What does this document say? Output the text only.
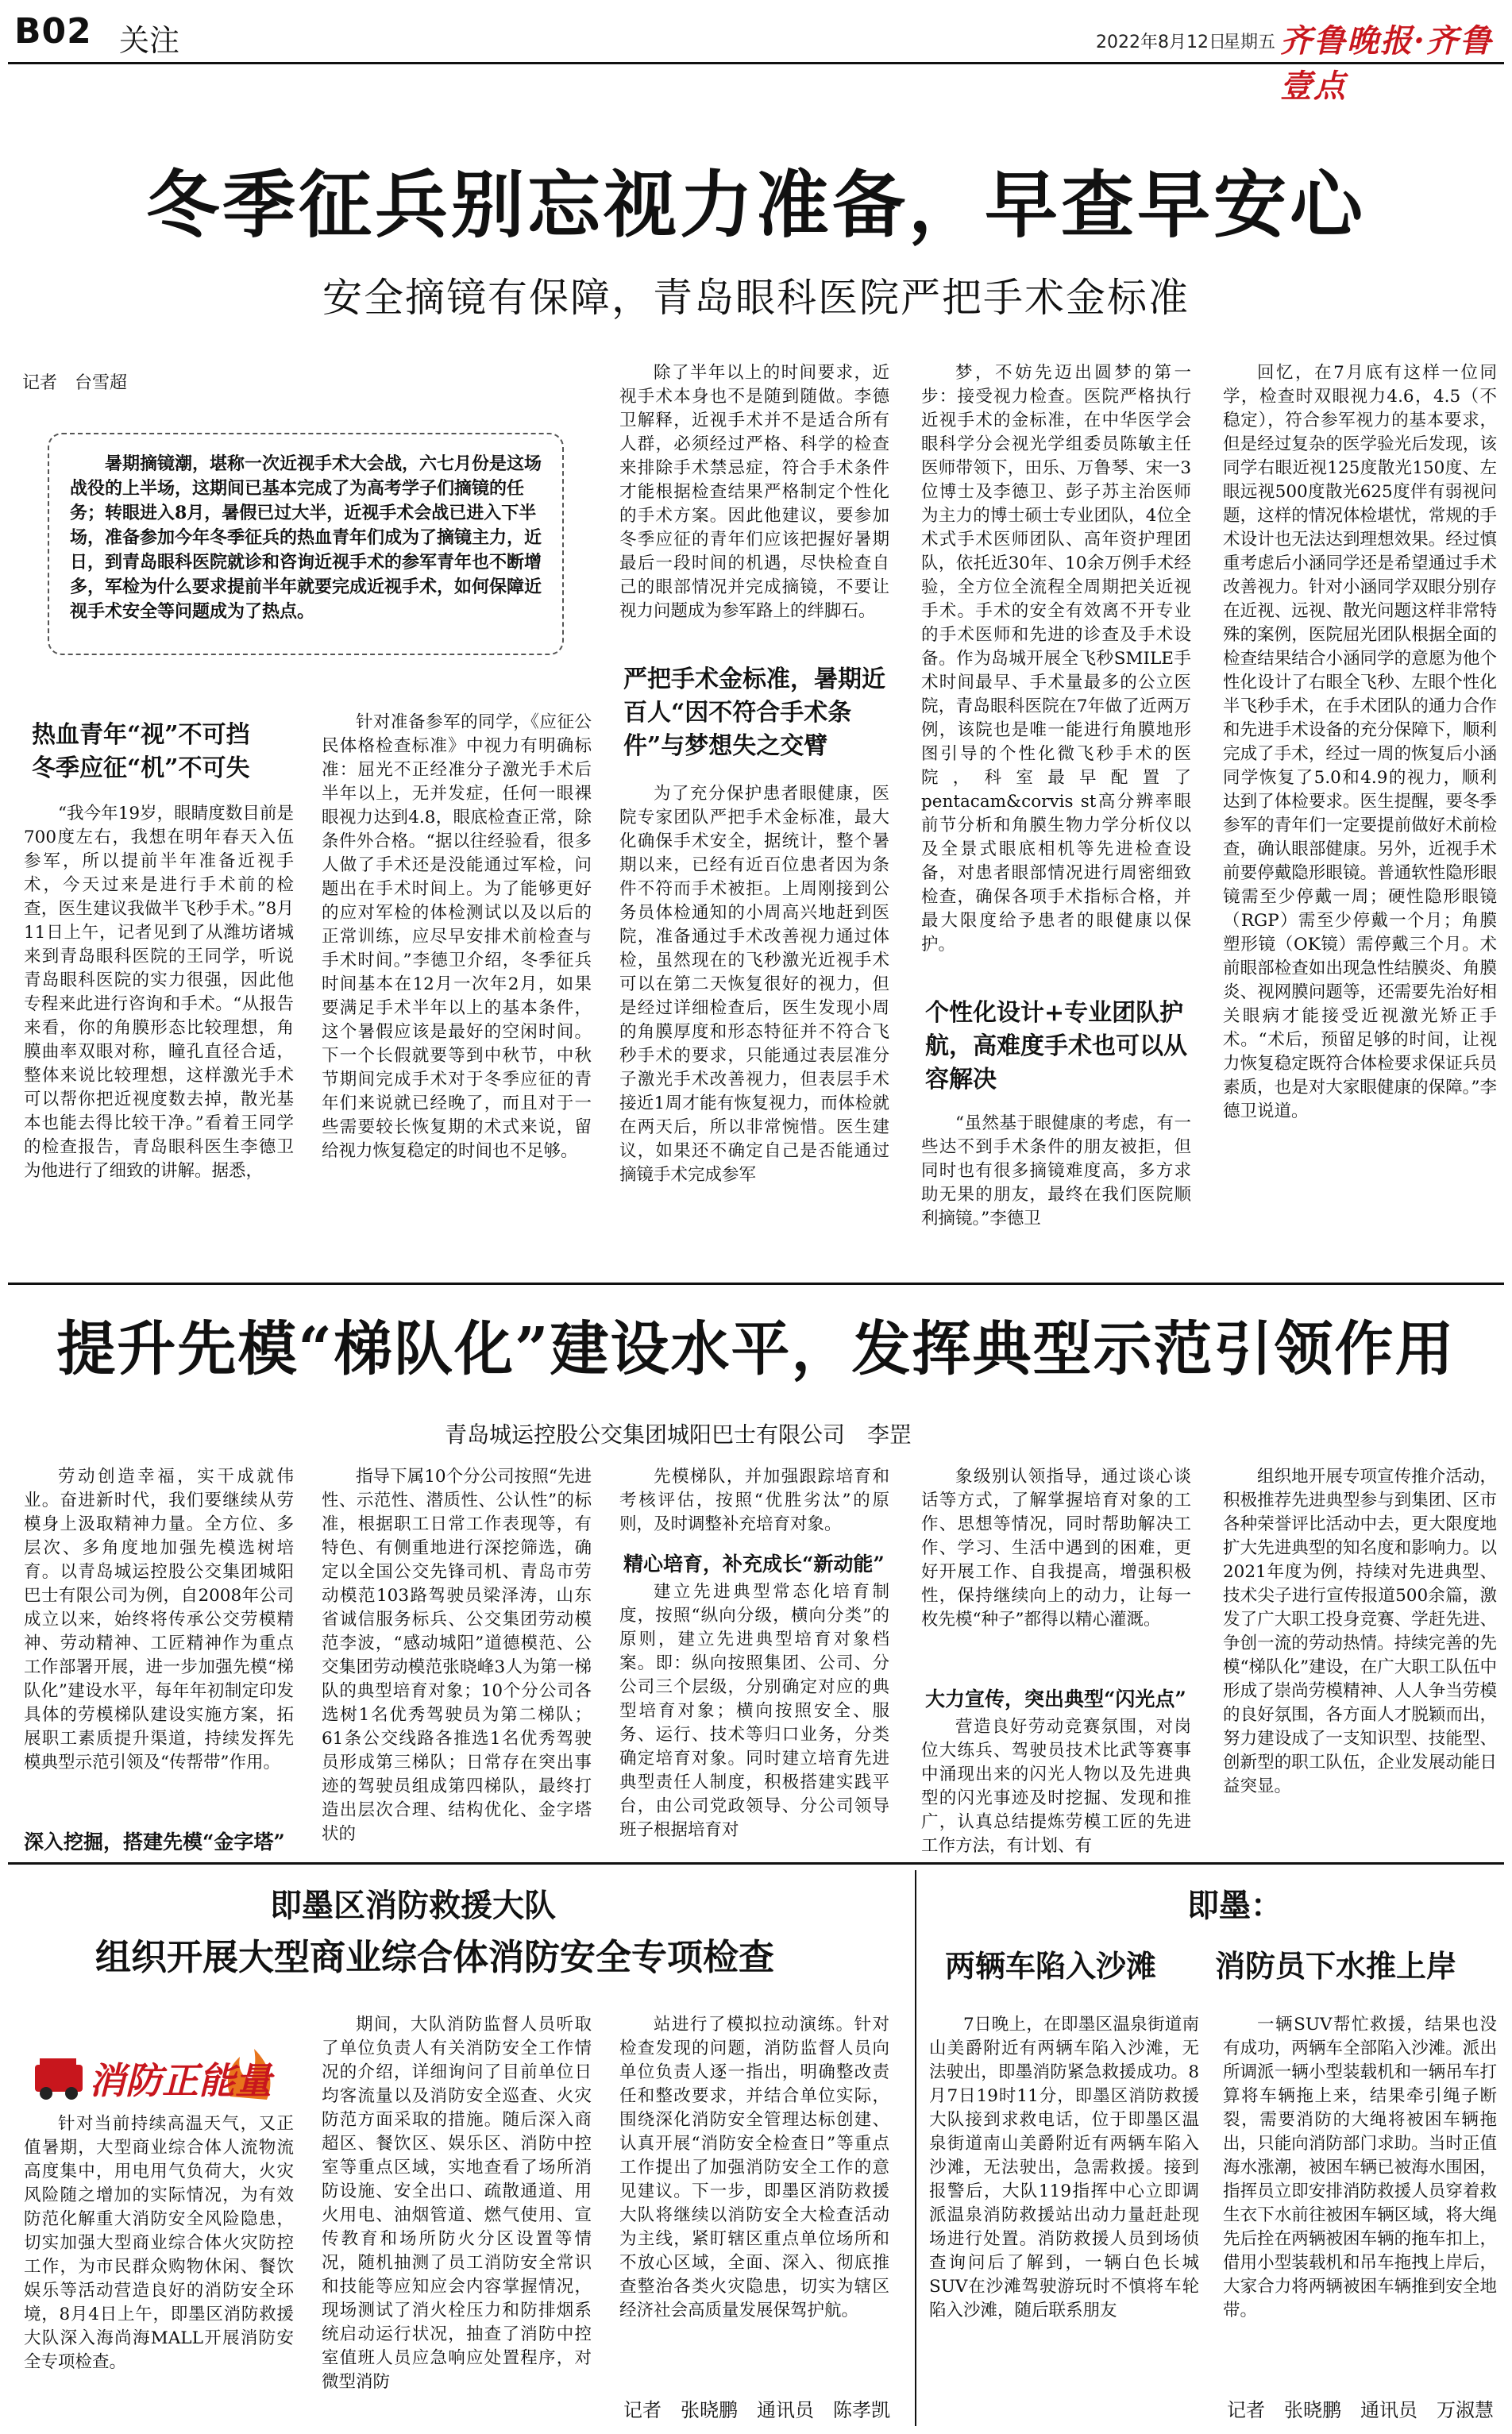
B02 关注	2022年8月12日
星期五 齐鲁晚报·齐鲁壹点
冬季征兵别忘视力准备，早查早安心
安全摘镜有保障，青岛眼科医院严把手术金标准
记者　台雪超
暑期摘镜潮，堪称一次近视手术大会战，六七月份是这场战役的上半场，这期间已基本完成了为高考学子们摘镜的任务；转眼进入8月，暑假已过大半，近视手术会战已进入下半场，准备参加今年冬季征兵的热血青年们成为了摘镜主力，近日，到青岛眼科医院就诊和咨询近视手术的参军青年也不断增多，军检为什么要求提前半年就要完成近视手术，如何保障近视手术安全等问题成为了热点。
热血青年“视”不可挡 冬季应征“机”不可失

“我今年19岁，眼睛度数目前是700度左右，我想在明年春天入伍参军，所以提前半年准备近视手术，今天过来是进行手术前的检查，医生建议我做半飞秒手术。”8月11日上午，记者见到了从潍坊诸城来到青岛眼科医院的王同学，听说青岛眼科医院的实力很强，因此他专程来此进行咨询和手术。“从报告来看，你的角膜形态比较理想，角膜曲率双眼对称，瞳孔直径合适，整体来说比较理想，这样激光手术可以帮你把近视度数去掉，散光基本也能去得比较干净。”看着王同学的检查报告，青岛眼科医生李德卫为他进行了细致的讲解。据悉，

针对准备参军的同学，《应征公民体格检查标准》中视力有明确标准：屈光不正经准分子激光手术后半年以上，无并发症，任何一眼裸眼视力达到4.8，眼底检查正常，除条件外合格。“据以往经验看，很多人做了手术还是没能通过军检，问题出在手术时间上。为了能够更好的应对军检的体检测试以及以后的正常训练，应尽早安排术前检查与手术时间。”李德卫介绍，冬季征兵时间基本在12月一次年2月，如果要满足手术半年以上的基本条件，这个暑假应该是最好的空闲时间。下一个长假就要等到中秋节，中秋节期间完成手术对于冬季应征的青年们来说就已经晚了，而且对于一些需要较长恢复期的术式来说，留给视力恢复稳定的时间也不足够。

除了半年以上的时间要求，近视手术本身也不是随到随做。李德卫解释，近视手术并不是适合所有人群，必须经过严格、科学的检查来排除手术禁忌症，符合手术条件才能根据检查结果严格制定个性化的手术方案。因此他建议，要参加冬季应征的青年们应该把握好暑期最后一段时间的机遇，尽快检查自己的眼部情况并完成摘镜，不要让视力问题成为参军路上的绊脚石。

严把手术金标准，暑期近百人“因不符合手术条件”与梦想失之交臂

为了充分保护患者眼健康，医院专家团队严把手术金标准，最大化确保手术安全，据统计，整个暑期以来，已经有近百位患者因为条件不符而手术被拒。上周刚接到公务员体检通知的小周高兴地赶到医院，准备通过手术改善视力通过体检，虽然现在的飞秒激光近视手术可以在第二天恢复很好的视力，但是经过详细检查后，医生发现小周的角膜厚度和形态特征并不符合飞秒手术的要求，只能通过表层准分子激光手术改善视力，但表层手术接近1周才能有恢复视力，而体检就在两天后，所以非常惋惜。医生建议，如果还不确定自己是否能通过摘镜手术完成参军

梦，不妨先迈出圆梦的第一步：接受视力检查。医院严格执行近视手术的金标准，在中华医学会眼科学分会视光学组委员陈敏主任医师带领下，田乐、万鲁琴、宋一3位博士及李德卫、彭子苏主治医师为主力的博士硕士专业团队，4位全术式手术医师团队、高年资护理团队，依托近30年、10余万例手术经验，全方位全流程全周期把关近视手术。手术的安全有效离不开专业的手术医师和先进的诊查及手术设备。作为岛城开展全飞秒SMILE手术时间最早、手术量最多的公立医院，青岛眼科医院在7年做了近两万例，该院也是唯一能进行角膜地形图引导的个性化微飞秒手术的医院，科室最早配置了pentacam&corvis st高分辨率眼前节分析和角膜生物力学分析仪以及全景式眼底相机等先进检查设备，对患者眼部情况进行周密细致检查，确保各项手术指标合格，并最大限度给予患者的眼健康以保护。

个性化设计+专业团队护航，高难度手术也可以从容解决

“虽然基于眼健康的考虑，有一些达不到手术条件的朋友被拒，但同时也有很多摘镜难度高，多方求助无果的朋友，最终在我们医院顺利摘镜。”李德卫

回忆，在7月底有这样一位同学，检查时双眼视力4.6，4.5（不稳定），符合参军视力的基本要求，但是经过复杂的医学验光后发现，该同学右眼近视125度散光150度、左眼远视500度散光625度伴有弱视问题，这样的情况体检堪忧，常规的手术设计也无法达到理想效果。经过慎重考虑后小涵同学还是希望通过手术改善视力。针对小涵同学双眼分别存在近视、远视、散光问题这样非常特殊的案例，医院屈光团队根据全面的检查结果结合小涵同学的意愿为他个性化设计了右眼全飞秒、左眼个性化半飞秒手术，在手术团队的通力合作和先进手术设备的充分保障下，顺利完成了手术，经过一周的恢复后小涵同学恢复了5.0和4.9的视力，顺利达到了体检要求。医生提醒，要冬季参军的青年们一定要提前做好术前检查，确认眼部健康。另外，近视手术前要停戴隐形眼镜。普通软性隐形眼镜需至少停戴一周；硬性隐形眼镜（RGP）需至少停戴一个月；角膜塑形镜（OK镜）需停戴三个月。术前眼部检查如出现急性结膜炎、角膜炎、视网膜问题等，还需要先治好相关眼病才能接受近视激光矫正手术。“术后，预留足够的时间，让视力恢复稳定既符合体检要求保证兵员素质，也是对大家眼健康的保障。”李德卫说道。

提升先模“梯队化”建设水平，发挥典型示范引领作用
青岛城运控股公交集团城阳巴士有限公司　李罡

劳动创造幸福，实干成就伟业。奋进新时代，我们要继续从劳模身上汲取精神力量。全方位、多层次、多角度地加强先模选树培育。以青岛城运控股公交集团城阳巴士有限公司为例，自2008年公司成立以来，始终将传承公交劳模精神、劳动精神、工匠精神作为重点工作部署开展，进一步加强先模“梯队化”建设水平，每年年初制定印发具体的劳模梯队建设实施方案，拓展职工素质提升渠道，持续发挥先模典型示范引领及“传帮带”作用。

深入挖掘，搭建先模“金字塔”

指导下属10个分公司按照“先进性、示范性、潜质性、公认性”的标准，根据职工日常工作表现等，有特色、有侧重地进行深挖筛选，确定以全国公交先锋司机、青岛市劳动模范103路驾驶员梁泽涛，山东省诚信服务标兵、公交集团劳动模范李波，“感动城阳”道德模范、公交集团劳动模范张晓峰3人为第一梯队的典型培育对象；10个分公司各选树1名优秀驾驶员为第二梯队；61条公交线路各推选1名优秀驾驶员形成第三梯队；日常存在突出事迹的驾驶员组成第四梯队，最终打造出层次合理、结构优化、金字塔状的

先模梯队，并加强跟踪培育和考核评估，按照“优胜劣汰”的原则，及时调整补充培育对象。

精心培育，补充成长“新动能”

建立先进典型常态化培育制度，按照“纵向分级，横向分类”的原则，建立先进典型培育对象档案。即：纵向按照集团、公司、分公司三个层级，分别确定对应的典型培育对象；横向按照安全、服务、运行、技术等归口业务，分类确定培育对象。同时建立培育先进典型责任人制度，积极搭建实践平台，由公司党政领导、分公司领导班子根据培育对

象级别认领指导，通过谈心谈话等方式，了解掌握培育对象的工作、思想等情况，同时帮助解决工作、学习、生活中遇到的困难，更好开展工作、自我提高，增强积极性，保持继续向上的动力，让每一枚先模“种子”都得以精心灌溉。

大力宣传，突出典型“闪光点”

营造良好劳动竞赛氛围，对岗位大练兵、驾驶员技术比武等赛事中涌现出来的闪光人物以及先进典型的闪光事迹及时挖掘、发现和推广，认真总结提炼劳模工匠的先进工作方法，有计划、有

组织地开展专项宣传推介活动，积极推荐先进典型参与到集团、区市各种荣誉评比活动中去，更大限度地扩大先进典型的知名度和影响力。以2021年度为例，持续对先进典型、技术尖子进行宣传报道500余篇，激发了广大职工投身竞赛、学赶先进、争创一流的劳动热情。持续完善的先模“梯队化”建设，在广大职工队伍中形成了崇尚劳模精神、人人争当劳模的良好氛围，各方面人才脱颖而出，努力建设成了一支知识型、技能型、创新型的职工队伍，企业发展动能日益突显。

即墨区消防救援大队
组织开展大型商业综合体消防安全专项检查
消防正能量

针对当前持续高温天气，又正值暑期，大型商业综合体人流物流高度集中，用电用气负荷大，火灾风险随之增加的实际情况，为有效防范化解重大消防安全风险隐患，切实加强大型商业综合体火灾防控工作，为市民群众购物休闲、餐饮娱乐等活动营造良好的消防安全环境，8月4日上午，即墨区消防救援大队深入海尚海MALL开展消防安全专项检查。

期间，大队消防监督人员听取了单位负责人有关消防安全工作情况的介绍，详细询问了目前单位日均客流量以及消防安全巡查、火灾防范方面采取的措施。随后深入商超区、餐饮区、娱乐区、消防中控室等重点区域，实地查看了场所消防设施、安全出口、疏散通道、用火用电、油烟管道、燃气使用、宣传教育和场所防火分区设置等情况，随机抽测了员工消防安全常识和技能等应知应会内容掌握情况，现场测试了消火栓压力和防排烟系统启动运行状况，抽查了消防中控室值班人员应急响应处置程序，对微型消防

站进行了模拟拉动演练。针对检查发现的问题，消防监督人员向单位负责人逐一指出，明确整改责任和整改要求，并结合单位实际，围绕深化消防安全管理达标创建、认真开展“消防安全检查日”等重点工作提出了加强消防安全工作的意见建议。下一步，即墨区消防救援大队将继续以消防安全大检查活动为主线，紧盯辖区重点单位场所和不放心区域，全面、深入、彻底推查整治各类火灾隐患，切实为辖区经济社会高质量发展保驾护航。

记者　张晓鹏　通讯员　陈孝凯
即墨：
两辆车陷入沙滩 消防员下水推上岸

7日晚上，在即墨区温泉街道南山美爵附近有两辆车陷入沙滩，无法驶出，即墨消防紧急救援成功。8月7日19时11分，即墨区消防救援大队接到求救电话，位于即墨区温泉街道南山美爵附近有两辆车陷入沙滩，无法驶出，急需救援。接到报警后，大队119指挥中心立即调派温泉消防救援站出动力量赶赴现场进行处置。消防救援人员到场侦查询问后了解到，一辆白色长城SUV在沙滩驾驶游玩时不慎将车轮陷入沙滩，随后联系朋友

一辆SUV帮忙救援，结果也没有成功，两辆车全部陷入沙滩。派出所调派一辆小型装载机和一辆吊车打算将车辆拖上来，结果牵引绳子断裂，需要消防的大绳将被困车辆拖出，只能向消防部门求助。当时正值海水涨潮，被困车辆已被海水围困，指挥员立即安排消防救援人员穿着救生衣下水前往被困车辆区域，将大绳先后拴在两辆被困车辆的拖车扣上，借用小型装载机和吊车拖拽上岸后，大家合力将两辆被困车辆推到安全地带。

记者　张晓鹏　通讯员　万淑慧
